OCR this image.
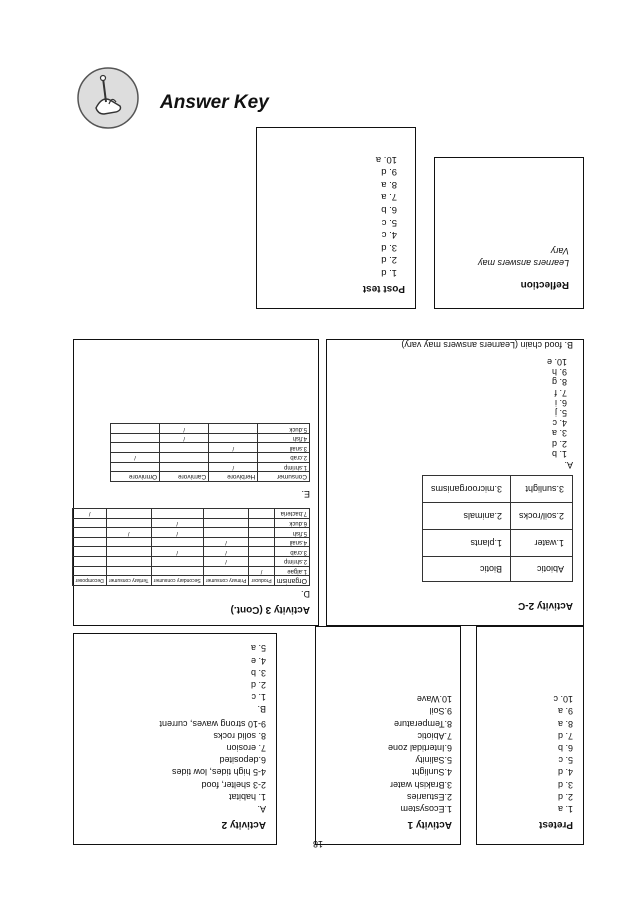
Answer Key
Post test
1. d
2. d
3. d
4. c
5. c
6. b
7. a
8. a
9. d
10. a
Reflection
Learners answers may
Vary
Activity 3 (Cont.)
D.
Organism	Producer	Primary consumer	Secondary consumer	Tertiary consumer	Decomposer
1.algae	/				
2.shrimp		/			
3.crab		/	/		
4.snail		/			
5.fish			/	/	
6.duck			/		
7.bacteria					/
E.
Consumer	Herbivore	Carnivore	Omnivore
1.shrimp	/		
2.crab			/
3.snail	/		
4.fish		/	
5.duck		/	
Activity 2-C
Abiotic	Biotic
1.water	1.plants
2.soil/rocks	2.animals
3.sunlight	3.microorganisms
A.
1. b
2. d
3. a
4. c
5. j
6. i
7. f
8. g
9. h
10. e
B. food chain (Learners answers may vary)
Activity 2
A.
1. habitat
2-3 shelter, food
4-5 high tides, low tides
6.deposited
7. erosion
8. solid rocks
9-10 strong waves, current
B.
1. c
2. d
3. b
4. e
5. a
Activity 1
1.Ecosystem
2.Estuaries
3.Brakish water
4.Sunlight
5.Salinity
6.Intertidal zone
7.Abiotic
8.Temperature
9.Soil
10.Wave
Pretest
1. a
2. d
3. d
4. d
5. c
6. b
7. d
8. a
9. a
10. c
18
